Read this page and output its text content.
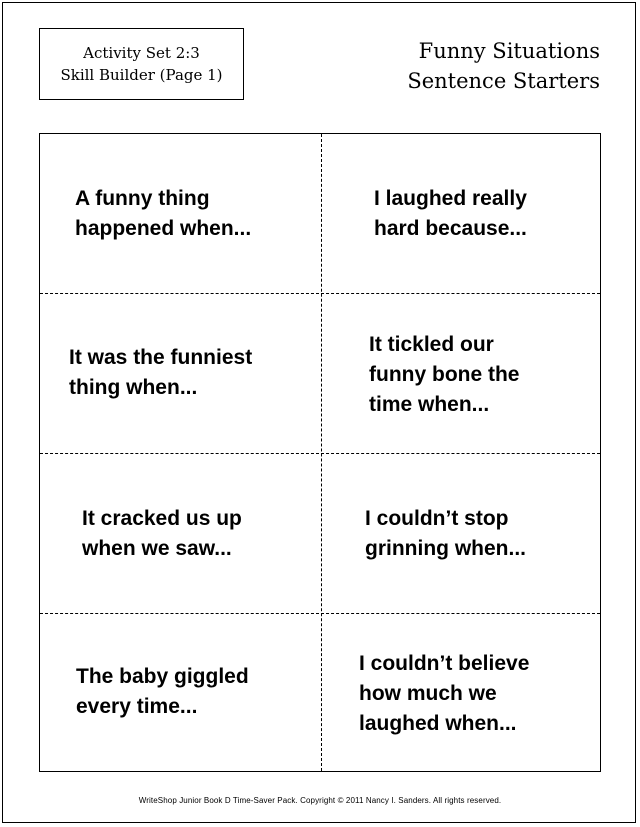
Activity Set 2:3
Skill Builder (Page 1)
Funny Situations
Sentence Starters
A funny thing
happened when...
I laughed really
hard because...
It was the funniest
thing when...
It tickled our
funny bone the
time when...
It cracked us up
when we saw...
I couldn’t stop
grinning when...
The baby giggled
every time...
I couldn’t believe
how much we
laughed when...
WriteShop Junior Book D Time-Saver Pack. Copyright © 2011 Nancy I. Sanders. All rights reserved.
